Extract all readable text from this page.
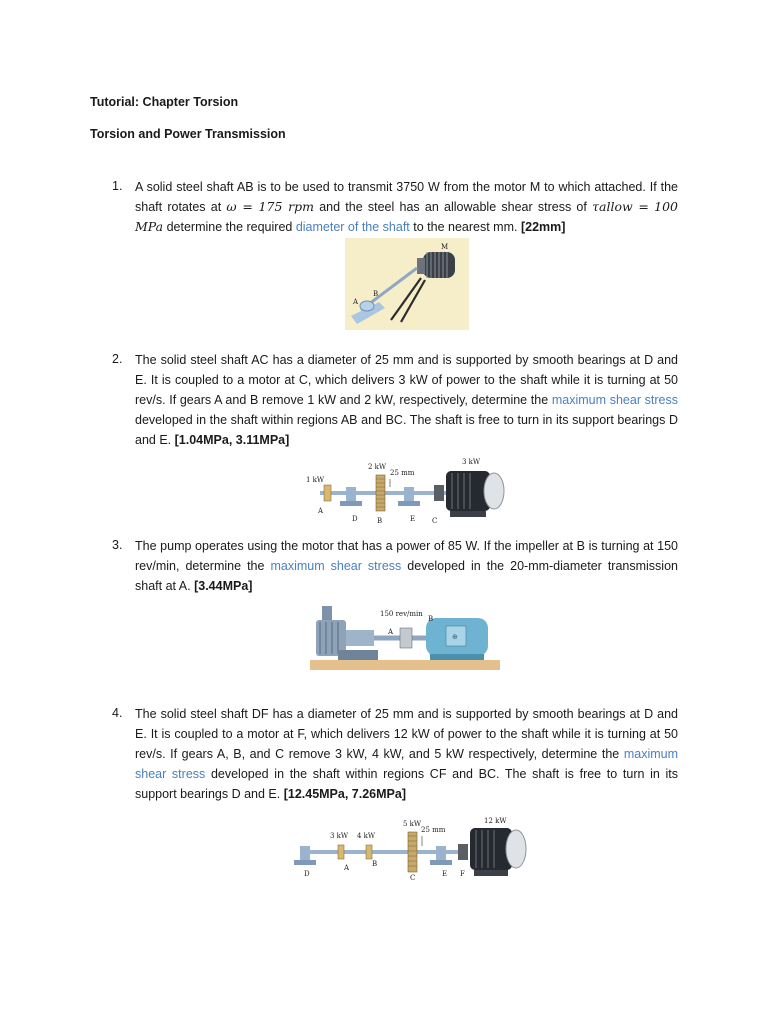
Tutorial: Chapter Torsion
Torsion and Power Transmission
1. A solid steel shaft AB is to be used to transmit 3750 W from the motor M to which attached. If the shaft rotates at ω = 175 rpm and the steel has an allowable shear stress of τallow = 100 MPa determine the required diameter of the shaft to the nearest mm. [22mm]
M
B
A
2. The solid steel shaft AC has a diameter of 25 mm and is supported by smooth bearings at D and E. It is coupled to a motor at C, which delivers 3 kW of power to the shaft while it is turning at 50 rev/s. If gears A and B remove 1 kW and 2 kW, respectively, determine the maximum shear stress developed in the shaft within regions AB and BC. The shaft is free to turn in its support bearings D and E. [1.04MPa, 3.11MPa]
1 kW
2 kW
3 kW
25 mm
A
D	B	E C
3. The pump operates using the motor that has a power of 85 W. If the impeller at B is turning at 150 rev/min, determine the maximum shear stress developed in the 20-mm-diameter transmission shaft at A. [3.44MPa]
⊕
150 rev/min
B
A
4. The solid steel shaft DF has a diameter of 25 mm and is supported by smooth bearings at D and E. It is coupled to a motor at F, which delivers 12 kW of power to the shaft while it is turning at 50 rev/s. If gears A, B, and C remove 3 kW, 4 kW, and 5 kW respectively, determine the maximum shear stress developed in the shaft within regions CF and BC. The shaft is free to turn in its support bearings D and E. [12.45MPa, 7.26MPa]
3 kW 4 kW
5 kW	12 kW
25 mm
D
A	B
C	E F
